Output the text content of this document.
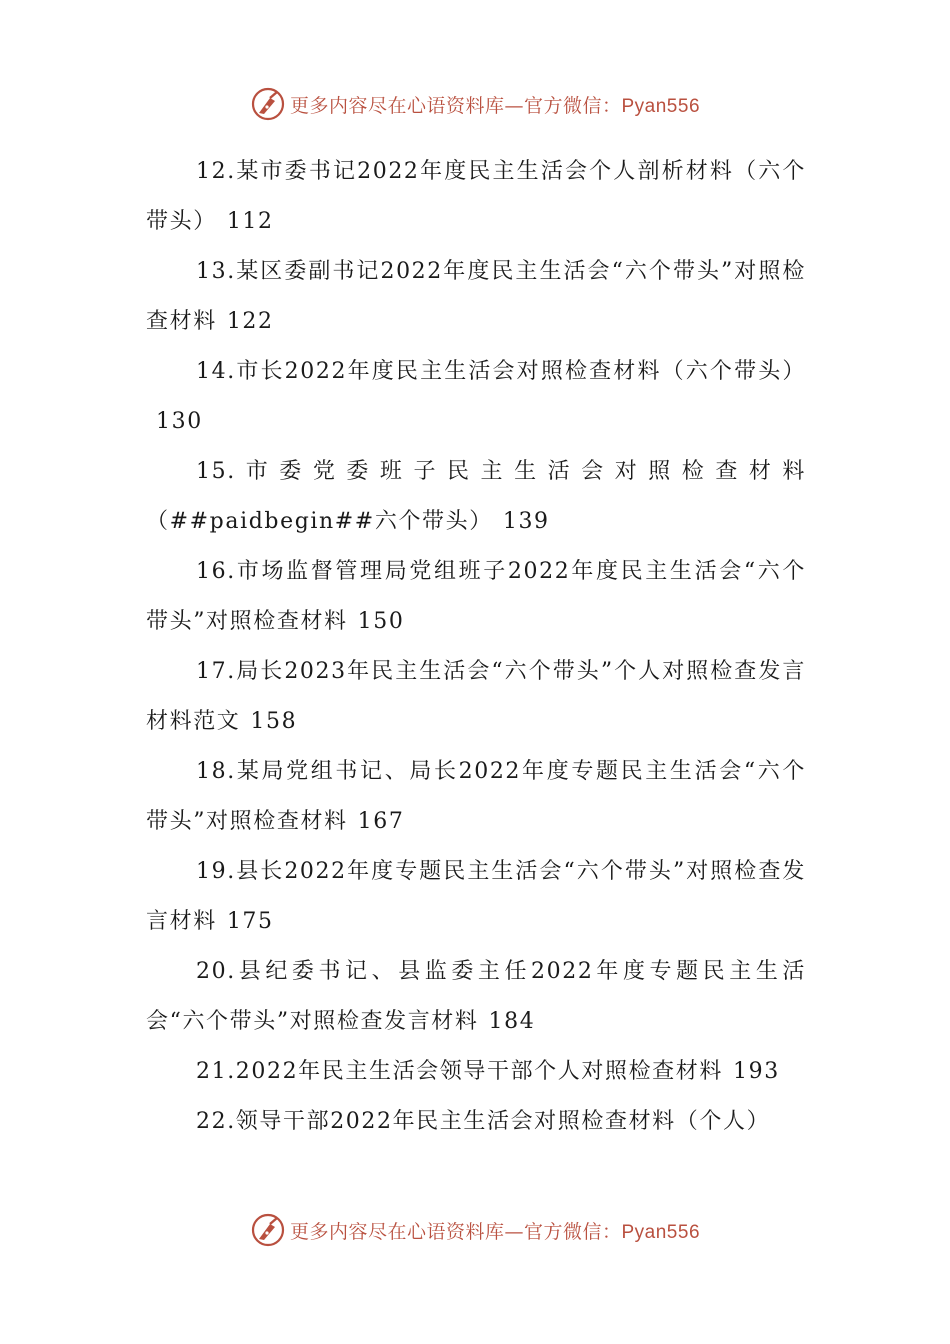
更多内容尽在心语资料库—官方微信：Pyan556
12.某市委书记2022年度民主生活会个人剖析材料（六个带头） 112
13.某区委副书记2022年度民主生活会“六个带头”对照检查材料 122
14.市长2022年度民主生活会对照检查材料（六个带头）130
15.市委党委班子民主生活会对照检查材料（##paidbegin##六个带头） 139
16.市场监督管理局党组班子2022年度民主生活会“六个带头”对照检查材料 150
17.局长2023年民主生活会“六个带头”个人对照检查发言材料范文 158
18.某局党组书记、局长2022年度专题民主生活会“六个带头”对照检查材料 167
19.县长2022年度专题民主生活会“六个带头”对照检查发言材料 175
20.县纪委书记、县监委主任2022年度专题民主生活会“六个带头”对照检查发言材料 184
21.2022年民主生活会领导干部个人对照检查材料 193
22.领导干部2022年民主生活会对照检查材料（个人）
更多内容尽在心语资料库—官方微信：Pyan556
